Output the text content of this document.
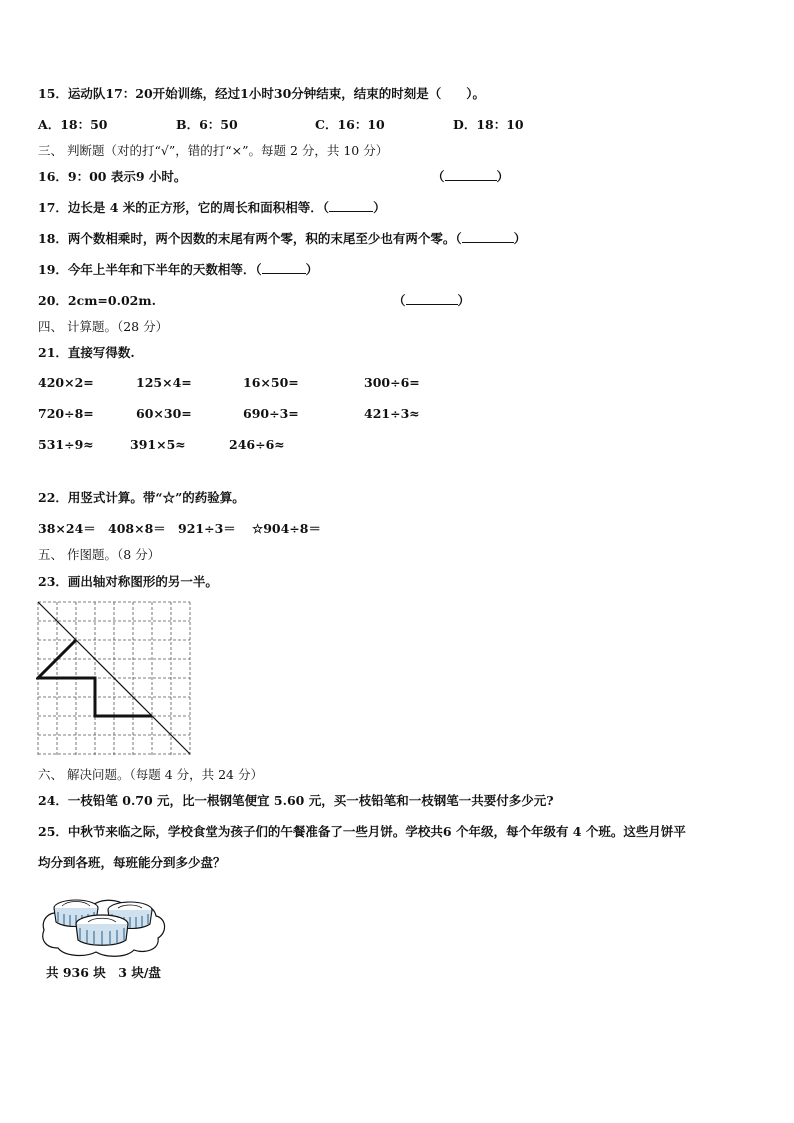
15．运动队17：20开始训练，经过1小时30分钟结束，结束的时刻是（　　）。
A．18：50	B．6：50	C．16：10	D．18：10
三、 判断题（对的打“√”，错的打“×”。每题 2 分，共 10 分）
16．9：00 表示9 小时。	（	）
17．边长是 4 米的正方形，它的周长和面积相等．（	）
18．两个数相乘时，两个因数的末尾有两个零，积的末尾至少也有两个零。（	）
19．今年上半年和下半年的天数相等．（	）
20．2cm=0.02m.	（	）
四、 计算题。（28 分）
21．直接写得数.
420×2=	125×4=	16×50=	300÷6=
720÷8=	60×30=	690÷3=	421÷3≈
531÷9≈	391×5≈	246÷6≈
22．用竖式计算。带“☆”的药验算。
38×24＝ 408×8＝ 921÷3＝ ☆904÷8＝
五、 作图题。（8 分）
23．画出轴对称图形的另一半。
六、 解决问题。（每题 4 分，共 24 分）
24．一枝铅笔 0.70 元，比一根钢笔便宜 5.60 元，买一枝铅笔和一枝钢笔一共要付多少元?
25．中秋节来临之际，学校食堂为孩子们的午餐准备了一些月饼。学校共6 个年级，每个年级有 4 个班。这些月饼平
均分到各班，每班能分到多少盘？
共 936 块　3 块/盘
